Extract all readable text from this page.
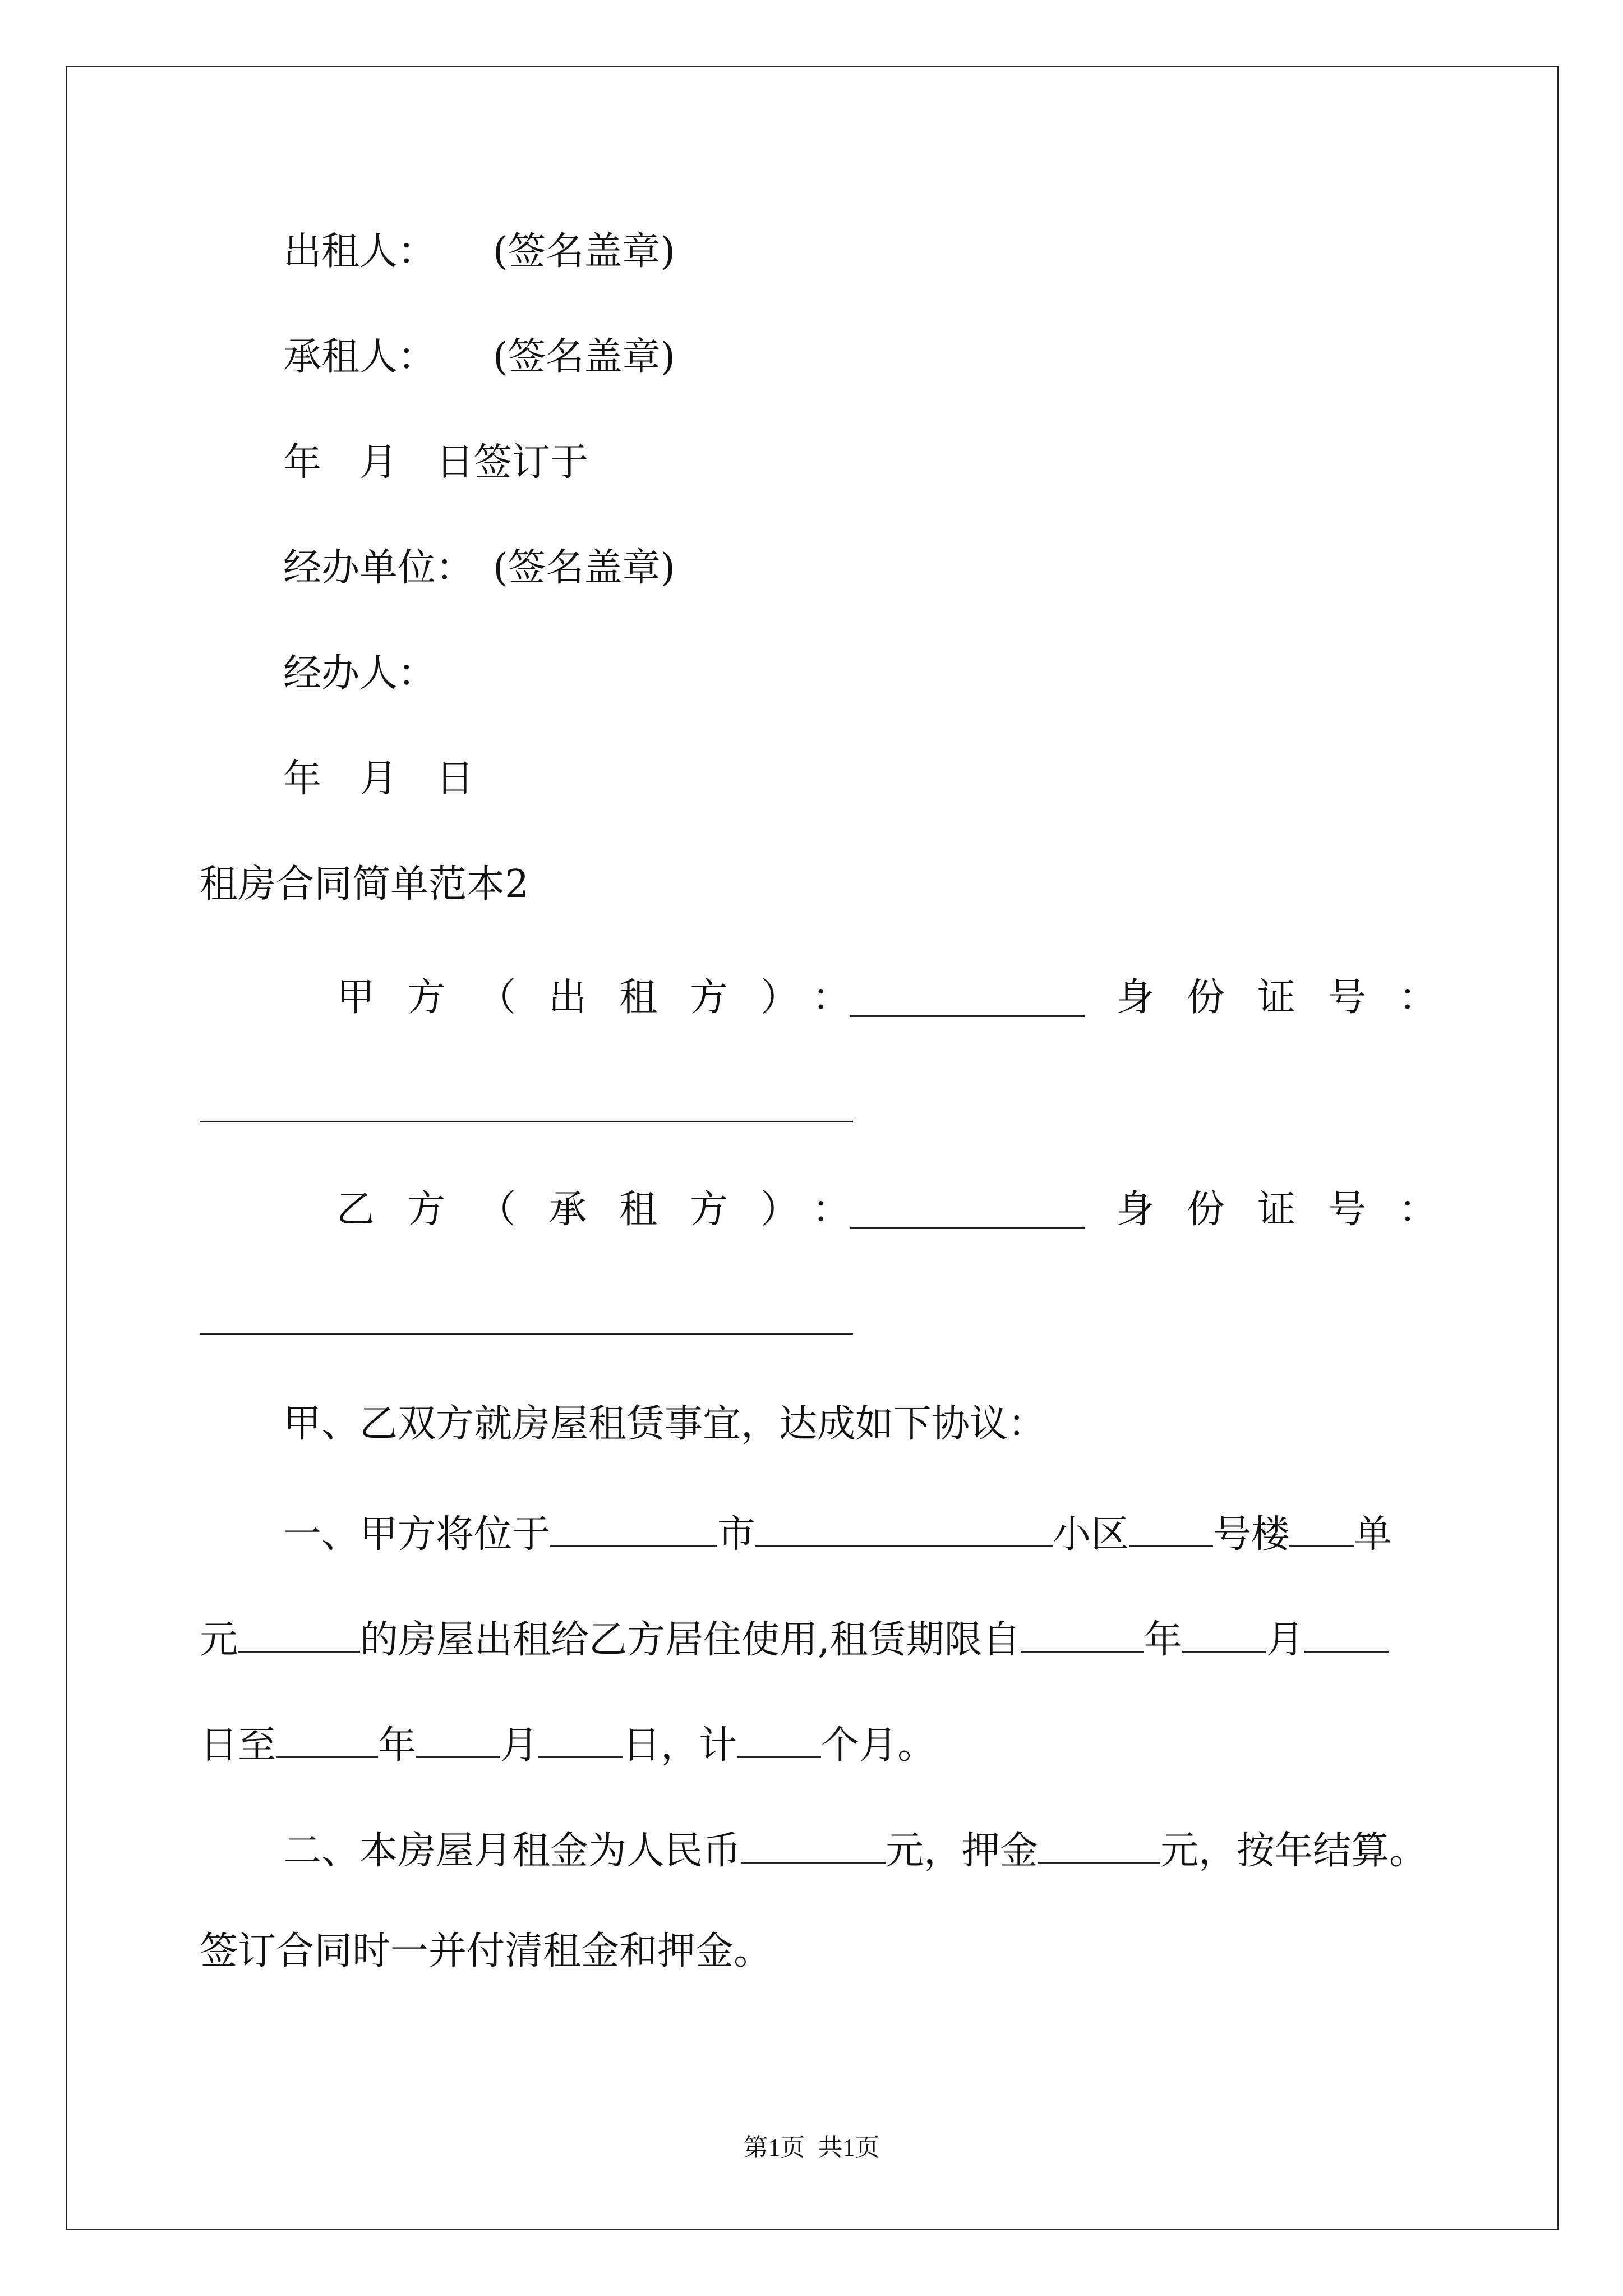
出租人：　　(签名盖章)
承租人：　　(签名盖章)
年　月　日签订于
经办单位：　(签名盖章)
经办人：
年　月　日
租房合同简单范本2
甲方（出租方）：	身份证号：
乙方（承租方）：	身份证号：
甲、乙双方就房屋租赁事宜，达成如下协议：
一、甲方将位于	市	小区 号楼 单
元	的房屋出租给乙方居住使用,租赁期限自	年 月
日至	年 月 日，计 个月。
二、本房屋月租金为人民币	元，押金	元，按年结算。
签订合同时一并付清租金和押金。
第1页 共1页
